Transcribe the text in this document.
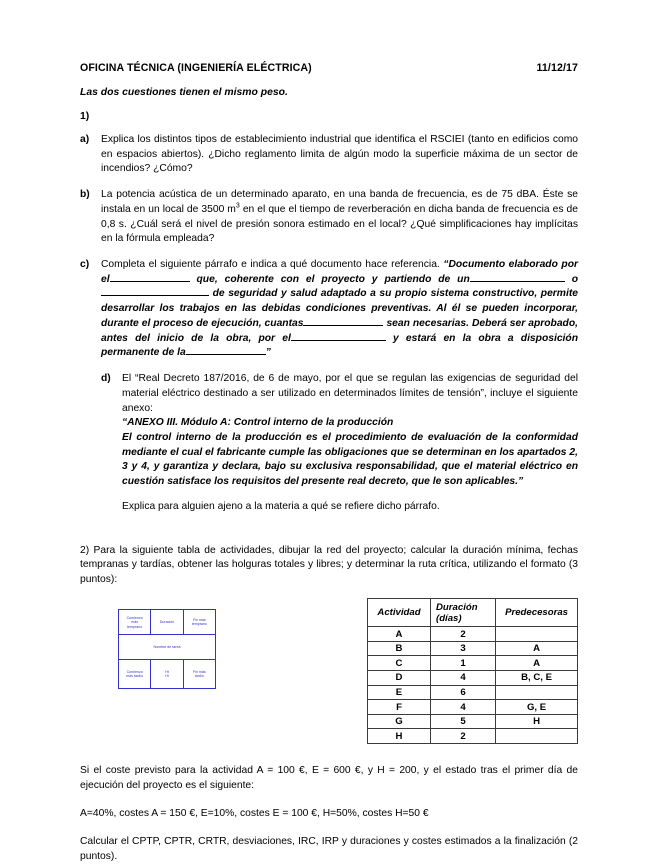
OFICINA TÉCNICA (INGENIERÍA ELÉCTRICA)	11/12/17
Las dos cuestiones tienen el mismo peso.
1)
a)	Explica los distintos tipos de establecimiento industrial que identifica el RSCIEI (tanto en edificios como en espacios abiertos). ¿Dicho reglamento limita de algún modo la superficie máxima de un sector de incendios? ¿Cómo?
b)	La potencia acústica de un determinado aparato, en una banda de frecuencia, es de 75 dBA. Éste se instala en un local de 3500 $m^3$ en el que el tiempo de reverberación en dicha banda de frecuencia es de 0,8 s. ¿Cuál será el nivel de presión sonora estimado en el local? ¿Qué simplificaciones hay implícitas en la fórmula empleada?
c)	Completa el siguiente párrafo e indica a qué documento hace referencia. “Documento elaborado por el	que, coherente con el proyecto y partiendo de un	o de seguridad y salud adaptado a su propio sistema constructivo, permite desarrollar los trabajos en las debidas condiciones preventivas. Al él se pueden incorporar, durante el proceso de ejecución, cuantas	sean necesarias. Deberá ser aprobado, antes del inicio de la obra, por el	y estará en la obra a disposición permanente de la	”
d)	El “Real Decreto 187/2016, de 6 de mayo, por el que se regulan las exigencias de seguridad del material eléctrico destinado a ser utilizado en determinados límites de tensión”, incluye el siguiente anexo:
“ANEXO III. Módulo A: Control interno de la producción
El control interno de la producción es el procedimiento de evaluación de la conformidad mediante el cual el fabricante cumple las obligaciones que se determinan en los apartados 2, 3 y 4, y garantiza y declara, bajo su exclusiva responsabilidad, que el material eléctrico en cuestión satisface los requisitos del presente real decreto, que le son aplicables.”
Explica para alguien ajeno a la materia a qué se refiere dicho párrafo.
2) Para la siguiente tabla de actividades, dibujar la red del proyecto; calcular la duración mínima, fechas tempranas y tardías, obtener las holguras totales y libres; y determinar la ruta crítica, utilizando el formato (3 puntos):
Comienzo
más
temprano	Duración	Fin más
temprano

Nombre de tarea		

Comienzo
más tardío	Ht
Hl	Fin más
tardío
Actividad	Duración
(días)	Predecesoras
A	2	
B	3	A
C	1	A
D	4	B, C, E
E	6	
F	4	G, E
G	5	H
H	2	
Si el coste previsto para la actividad A = 100 €, E = 600 €, y H = 200, y el estado tras el primer día de ejecución del proyecto es el siguiente:
A=40%, costes A = 150 €, E=10%, costes E = 100 €, H=50%, costes H=50 €
Calcular el CPTP, CPTR, CRTR, desviaciones, IRC, IRP y duraciones y costes estimados a la finalización (2 puntos).
